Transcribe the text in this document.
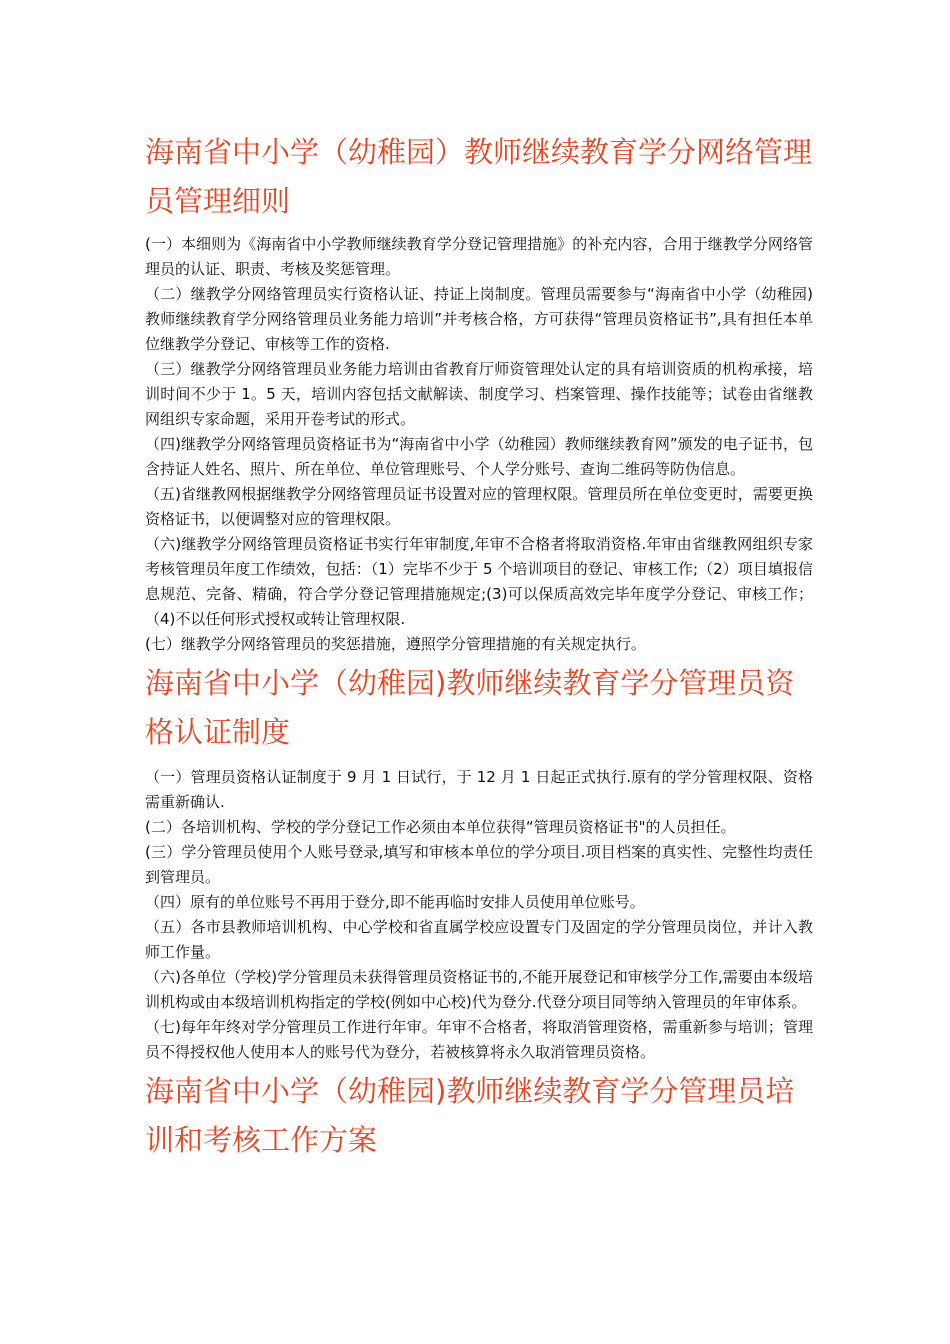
海南省中小学（幼稚园）教师继续教育学分网络管理员管理细则

(一）本细则为《海南省中小学教师继续教育学分登记管理措施》的补充内容，合用于继教学分网络管理员的认证、职责、考核及奖惩管理。

（二）继教学分网络管理员实行资格认证、持证上岗制度。管理员需要参与“海南省中小学（幼稚园)教师继续教育学分网络管理员业务能力培训”并考核合格，方可获得“管理员资格证书”,具有担任本单位继教学分登记、审核等工作的资格.

（三）继教学分网络管理员业务能力培训由省教育厅师资管理处认定的具有培训资质的机构承接，培训时间不少于 1。5 天，培训内容包括文献解读、制度学习、档案管理、操作技能等；试卷由省继教网组织专家命题，采用开卷考试的形式。

（四)继教学分网络管理员资格证书为“海南省中小学（幼稚园）教师继续教育网”颁发的电子证书，包含持证人姓名、照片、所在单位、单位管理账号、个人学分账号、查询二维码等防伪信息。

（五)省继教网根据继教学分网络管理员证书设置对应的管理权限。管理员所在单位变更时，需要更换资格证书，以便调整对应的管理权限。

（六)继教学分网络管理员资格证书实行年审制度,年审不合格者将取消资格.年审由省继教网组织专家考核管理员年度工作绩效，包括：（1）完毕不少于 5 个培训项目的登记、审核工作;（2）项目填报信息规范、完备、精确，符合学分登记管理措施规定;(3)可以保质高效完毕年度学分登记、审核工作；（4)不以任何形式授权或转让管理权限.

(七）继教学分网络管理员的奖惩措施，遵照学分管理措施的有关规定执行。

海南省中小学（幼稚园)教师继续教育学分管理员资格认证制度

（一）管理员资格认证制度于 9 月 1 日试行，于 12 月 1 日起正式执行.原有的学分管理权限、资格需重新确认.

(二）各培训机构、学校的学分登记工作必须由本单位获得“管理员资格证书"的人员担任。

(三）学分管理员使用个人账号登录,填写和审核本单位的学分项目.项目档案的真实性、完整性均责任到管理员。

（四）原有的单位账号不再用于登分,即不能再临时安排人员使用单位账号。

（五）各市县教师培训机构、中心学校和省直属学校应设置专门及固定的学分管理员岗位，并计入教师工作量。

（六)各单位（学校)学分管理员未获得管理员资格证书的,不能开展登记和审核学分工作,需要由本级培训机构或由本级培训机构指定的学校(例如中心校)代为登分.代登分项目同等纳入管理员的年审体系。

（七)每年年终对学分管理员工作进行年审。年审不合格者，将取消管理资格，需重新参与培训；管理员不得授权他人使用本人的账号代为登分，若被核算将永久取消管理员资格。

海南省中小学（幼稚园)教师继续教育学分管理员培训和考核工作方案
